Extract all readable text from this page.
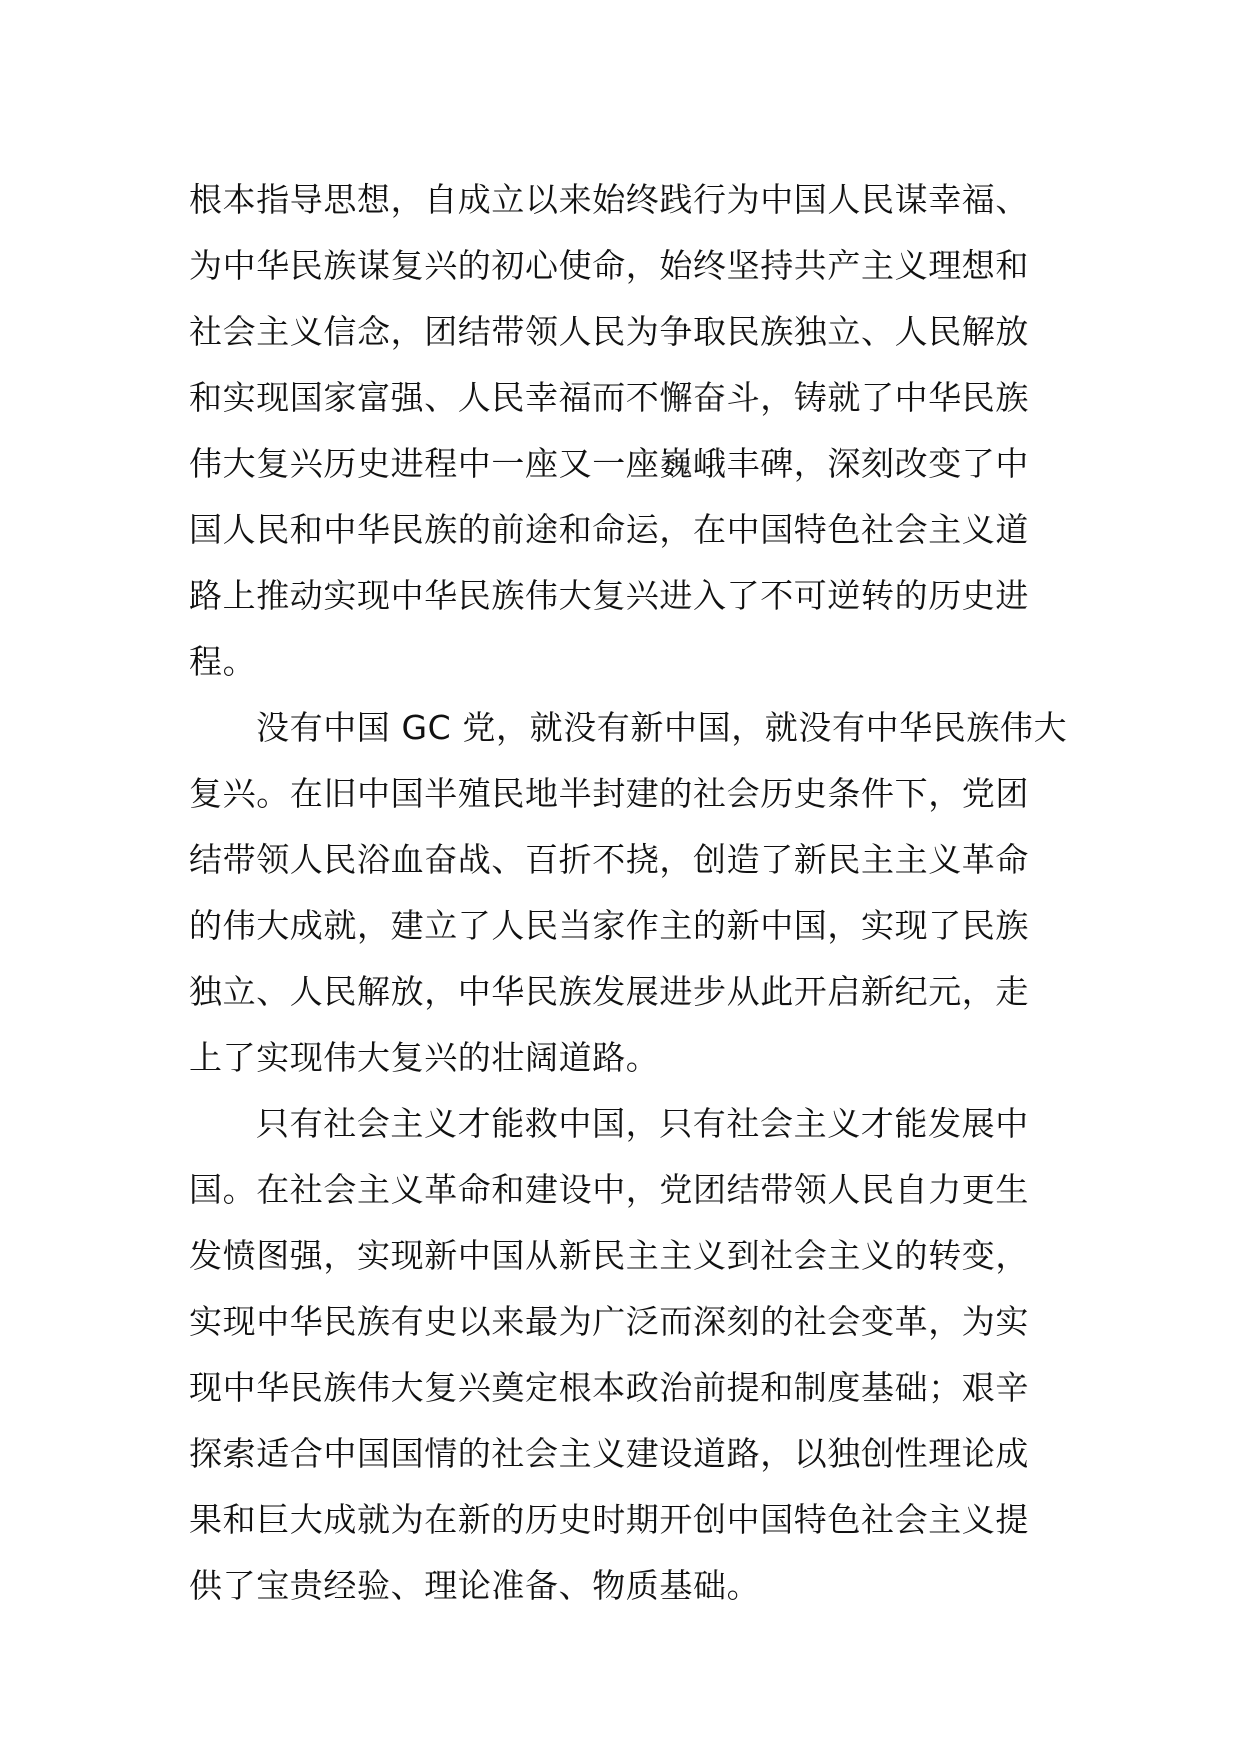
根本指导思想，自成立以来始终践行为中国人民谋幸福、
为中华民族谋复兴的初心使命，始终坚持共产主义理想和
社会主义信念，团结带领人民为争取民族独立、人民解放
和实现国家富强、人民幸福而不懈奋斗，铸就了中华民族
伟大复兴历史进程中一座又一座巍峨丰碑，深刻改变了中
国人民和中华民族的前途和命运，在中国特色社会主义道
路上推动实现中华民族伟大复兴进入了不可逆转的历史进
程。
没有中国 GC 党，就没有新中国，就没有中华民族伟大
复兴。在旧中国半殖民地半封建的社会历史条件下，党团
结带领人民浴血奋战、百折不挠，创造了新民主主义革命
的伟大成就，建立了人民当家作主的新中国，实现了民族
独立、人民解放，中华民族发展进步从此开启新纪元，走
上了实现伟大复兴的壮阔道路。
只有社会主义才能救中国，只有社会主义才能发展中
国。在社会主义革命和建设中，党团结带领人民自力更生
发愤图强，实现新中国从新民主主义到社会主义的转变，
实现中华民族有史以来最为广泛而深刻的社会变革，为实
现中华民族伟大复兴奠定根本政治前提和制度基础；艰辛
探索适合中国国情的社会主义建设道路，以独创性理论成
果和巨大成就为在新的历史时期开创中国特色社会主义提
供了宝贵经验、理论准备、物质基础。
